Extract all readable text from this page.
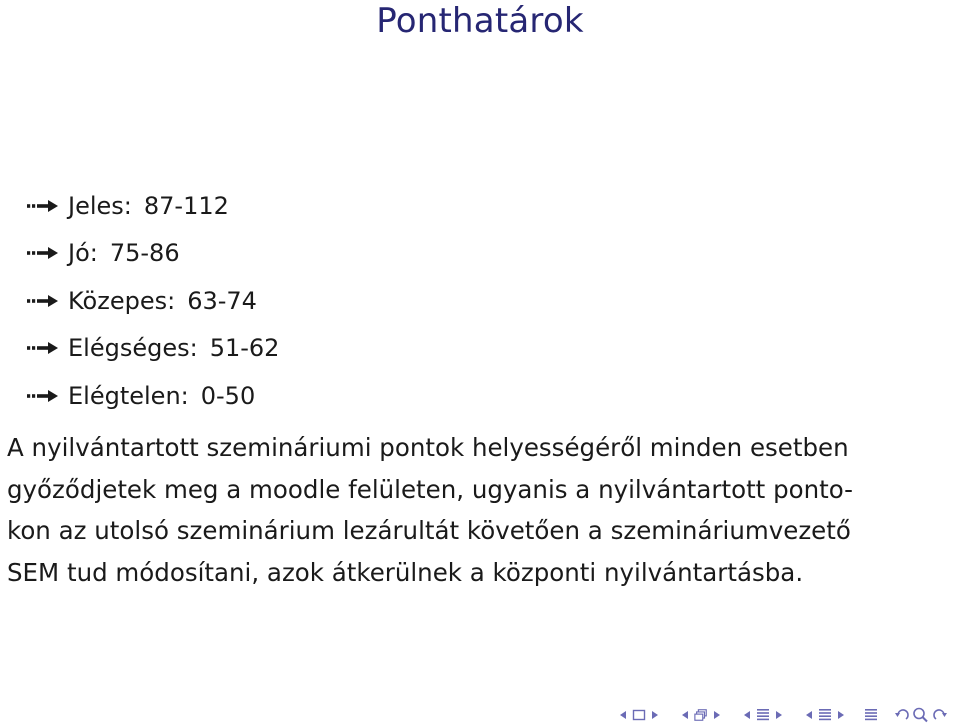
Ponthatárok
Jeles: 87-112
Jó: 75-86
Közepes: 63-74
Elégséges: 51-62
Elégtelen: 0-50

A nyilvántartott szemináriumi pontok helyességéről minden esetben
győződjetek meg a moodle felületen, ugyanis a nyilvántartott ponto-
kon az utolsó szeminárium lezárultát követően a szemináriumvezető
SEM tud módosítani, azok átkerülnek a központi nyilvántartásba.
